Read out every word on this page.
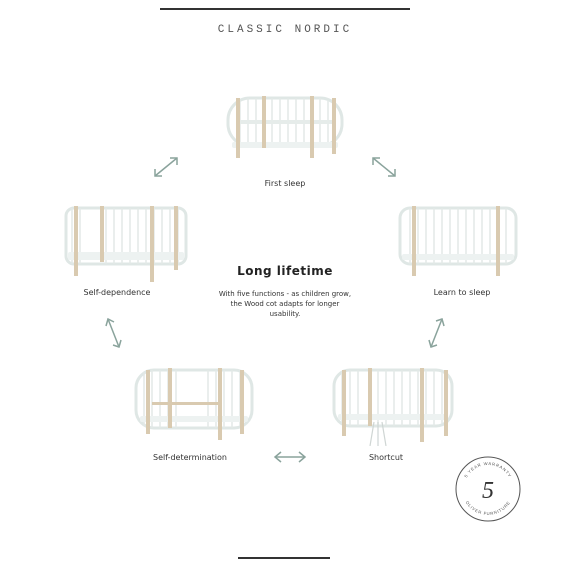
CLASSIC NORDIC
First sleep
Learn to sleep
Self-dependence
Long lifetime
With five functions - as children grow, the Wood cot adapts for longer usability.
Self-determination	Shortcut
5 YEAR WARRANTY
OLIVER FURNITURE
5
